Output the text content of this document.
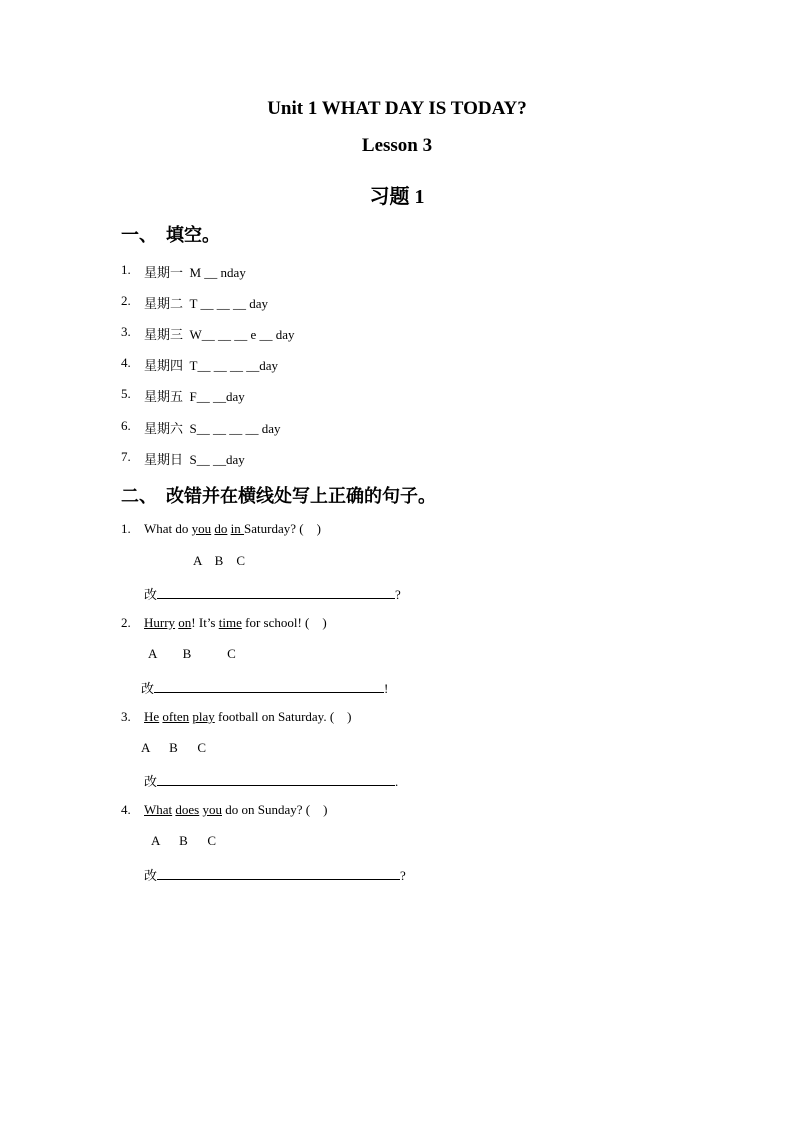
Unit 1 WHAT DAY IS TODAY?
Lesson 3
习题 1
一、  填空。
1. 星期一  M __ nday
2. 星期二  T __ __ __ day
3. 星期三  W__ __ __ e __ day
4. 星期四  T__ __ __ __day
5. 星期五  F__ __day
6. 星期六  S__ __ __ __ day
7. 星期日  S__ __day
二、  改错并在横线处写上正确的句子。
1. What do you do in Saturday? (    )
A    B    C
改	?
2. Hurry on! It’s time for school! (    )
A        B           C
改	!
3. He often play football on Saturday. (    )
A      B      C
改	.
4. What does you do on Sunday? (    )
A      B      C
改	?
